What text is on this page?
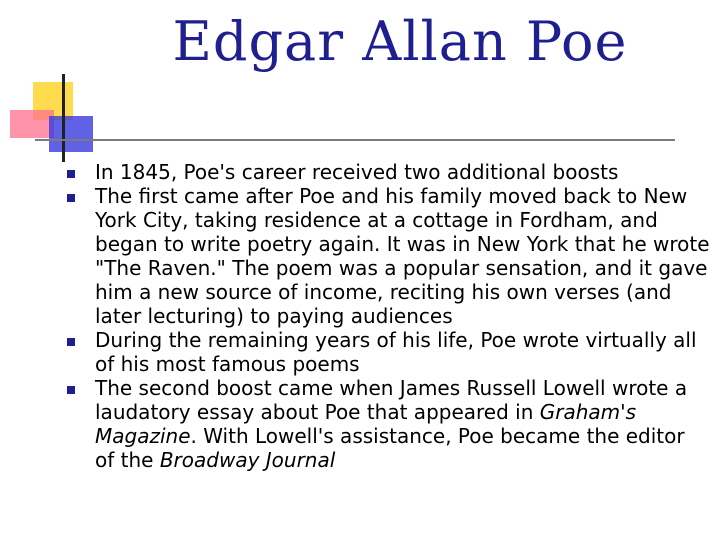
Edgar Allan Poe
In 1845, Poe's career received two additional boosts
The first came after Poe and his family moved back to New York City, taking residence at a cottage in Fordham, and began to write poetry again. It was in New York that he wrote "The Raven." The poem was a popular sensation, and it gave him a new source of income, reciting his own verses (and later lecturing) to paying audiences
During the remaining years of his life, Poe wrote virtually all of his most famous poems
The second boost came when James Russell Lowell wrote a laudatory essay about Poe that appeared in Graham's Magazine. With Lowell's assistance, Poe became the editor of the Broadway Journal
